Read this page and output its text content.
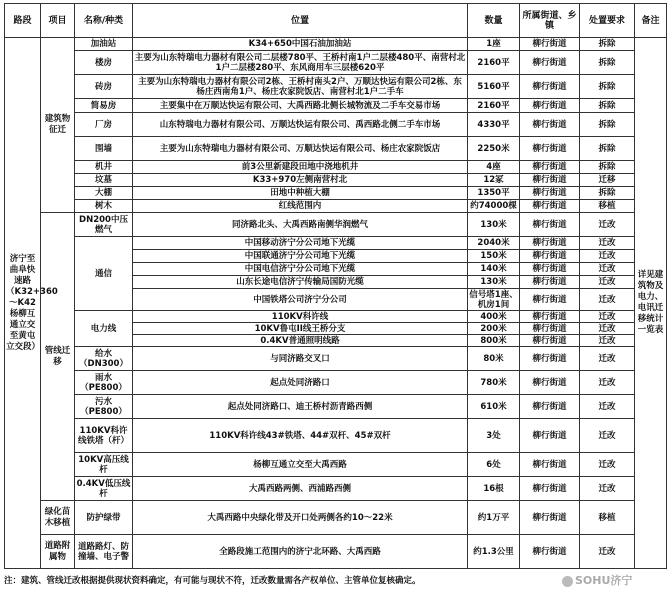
路段	项目	名称/种类	位置	数量	所属街道、乡镇	处置要求	备注
济宁至曲阜快速路（K32+360～K42杨柳互通立交至黄屯立交段）	建筑物征迁	加油站	K34+650中国石油加油站	1座	柳行街道	拆除	详见建筑物及电力、电讯迁移统计一览表
		楼房	主要为山东特瑞电力器材有限公司二层楼780平、王桥村南1户二层楼480平、南营村北1户二层楼280平、东风商用车三层楼620平	2160平	柳行街道	拆除	
		砖房	主要为山东特瑞电力器材有限公司2栋、王桥村南头2户、万顺达快运有限公司2栋、东杨庄西南角1户、杨庄农家院饭店、南营村北1户二手车	5160平	柳行街道	拆除	
		简易房	主要集中在万顺达快运有限公司、大禹西路北侧长城物流及二手车交易市场	2160平	柳行街道	拆除	
		厂房	山东特瑞电力器材有限公司、万顺达快运有限公司、禹西路北侧二手车市场	4330平	柳行街道	拆除	
		围墙	主要为山东特瑞电力器材有限公司、万顺达快运有限公司、杨庄农家院饭店	2250米	柳行街道	拆除	
		机井	前3公里新建段田地中浇地机井	4座	柳行街道	拆除	
		坟墓	K33+970左侧南营村北	12冢	柳行街道	迁移	
		大棚	田地中种植大棚	1350平	柳行街道	拆除	
		树木	红线范围内	约74000棵	柳行街道	移植	
	管线迁移	DN200中压燃气	同济路北头、大禹西路南侧华润燃气	130米	柳行街道	迁改	
		通信	中国移动济宁分公司地下光缆	2040米	柳行街道	迁改	
			中国联通济宁分公司地下光缆	150米	柳行街道	迁改	
			中国电信济宁分公司地下光缆	140米	柳行街道	迁改	
			山东长途电信济宁传输局国防光缆	130米	柳行街道	迁改	
			中国铁塔公司济宁分公司	信号塔1座、机房1间	柳行街道	迁改	
		电力线	110KV科许线	400米	柳行街道	迁改	
			10KV鲁屯II线王桥分支	200米	柳行街道	迁改	
			0.4KV普通照明线路	800米	柳行街道	迁改	
		给水（DN300）	与同济路交叉口	80米	柳行街道	迁改	
		雨水（PE800）	起点处同济路口	780米	柳行街道	迁改	
		污水（PE800）	起点处同济路口、迪王桥村沥青路西侧	610米	柳行街道	迁改	
		110KV科许线铁塔（杆）	110KV科许线43#铁塔、44#双杆、45#双杆	3处	柳行街道	迁改	
		10KV高压线杆	杨柳互通立交至大禹西路	6处	柳行街道	迁改	
		0.4KV低压线杆	大禹西路两侧、西浦路西侧	16根	柳行街道	迁改	
	绿化苗木移植	防护绿带	大禹西路中央绿化带及开口处两侧各约10～22米	约1万平	柳行街道	移植	
	道路附属物	道路路灯、防撞墙、电子警	全路段施工范围内的济宁北环路、大禹西路	约1.3公里	柳行街道	迁改	
注：建筑、管线迁改根据提供现状资料确定，有可能与现状不符，迁改数量需各产权单位、主管单位复核确定。	SOHU济宁
